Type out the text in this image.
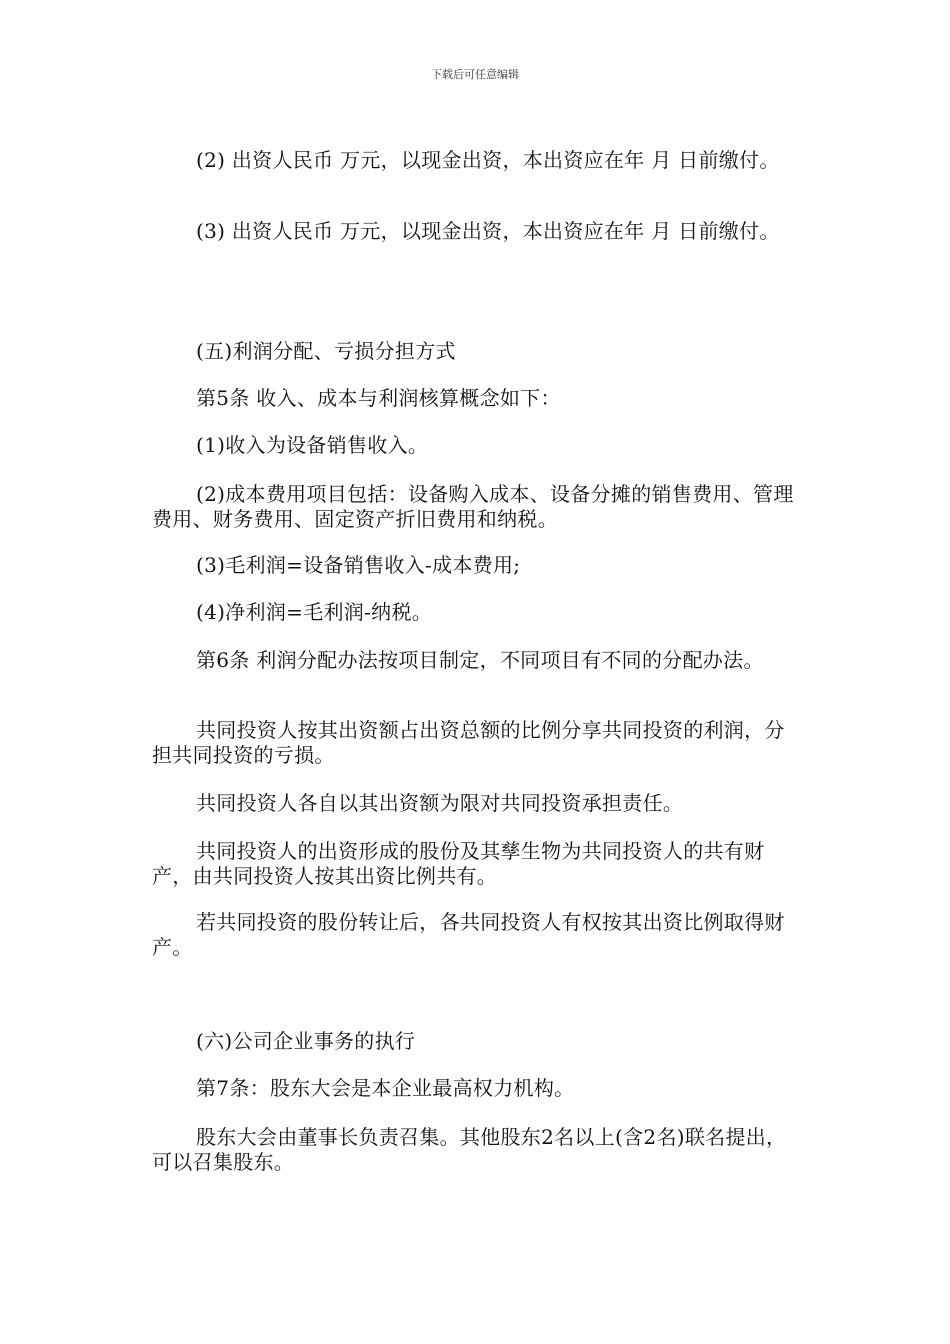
下载后可任意编辑

(2) 出资人民币 万元，以现金出资，本出资应在年 月 日前缴付。

(3) 出资人民币 万元，以现金出资，本出资应在年 月 日前缴付。

(五)利润分配、亏损分担方式

第5条 收入、成本与利润核算概念如下：

(1)收入为设备销售收入。

(2)成本费用项目包括：设备购入成本、设备分摊的销售费用、管理费用、财务费用、固定资产折旧费用和纳税。

(3)毛利润=设备销售收入-成本费用;

(4)净利润=毛利润-纳税。

第6条 利润分配办法按项目制定，不同项目有不同的分配办法。

共同投资人按其出资额占出资总额的比例分享共同投资的利润，分担共同投资的亏损。

共同投资人各自以其出资额为限对共同投资承担责任。

共同投资人的出资形成的股份及其孳生物为共同投资人的共有财产，由共同投资人按其出资比例共有。

若共同投资的股份转让后，各共同投资人有权按其出资比例取得财产。

(六)公司企业事务的执行

第7条：股东大会是本企业最高权力机构。

股东大会由董事长负责召集。其他股东2名以上(含2名)联名提出，可以召集股东。
